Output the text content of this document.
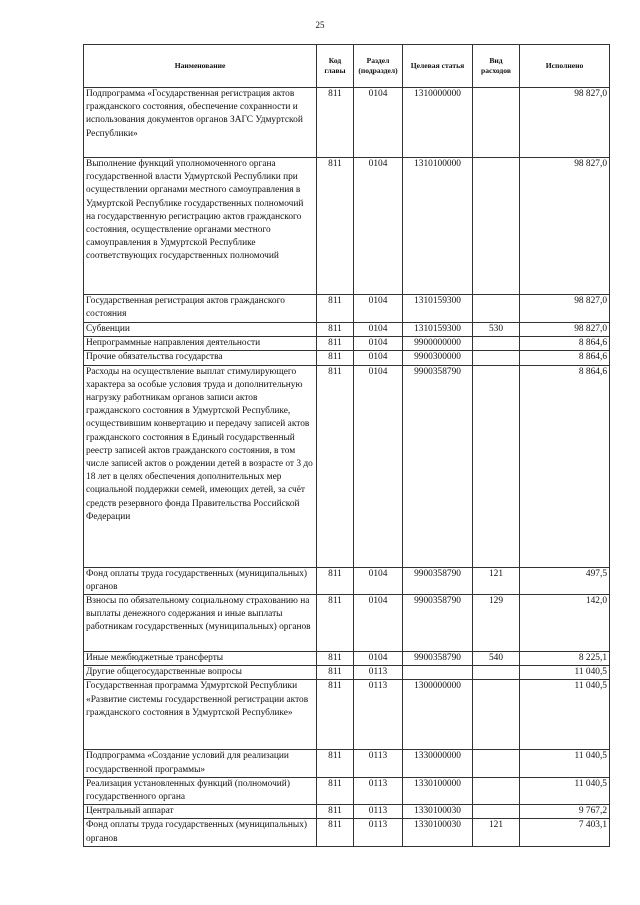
25
Наименование	Код главы	Раздел (подраздел)	Целевая статья	Вид расходов	Исполнено
Подпрограмма «Государственная регистрация актов гражданского состояния, обеспечение сохранности и использования документов органов ЗАГС Удмуртской Республики»	811	0104	1310000000		98 827,0
Выполнение функций уполномоченного органа государственной власти Удмуртской Республики при осуществлении органами местного самоуправления в Удмуртской Республике государственных полномочий на государственную регистрацию актов гражданского состояния, осуществление органами местного самоуправления в Удмуртской Республике соответствующих государственных полномочий	811	0104	1310100000		98 827,0
Государственная регистрация актов гражданского состояния	811	0104	1310159300		98 827,0
Субвенции	811	0104	1310159300	530	98 827,0
Непрограммные направления деятельности	811	0104	9900000000		8 864,6
Прочие обязательства государства	811	0104	9900300000		8 864,6
Расходы на осуществление выплат стимулирующего характера за особые условия труда и дополнительную нагрузку работникам органов записи актов гражданского состояния в Удмуртской Республике, осуществившим конвертацию и передачу записей актов гражданского состояния в Единый государственный реестр записей актов гражданского состояния, в том числе записей актов о рождении детей в возрасте от 3 до 18 лет в целях обеспечения дополнительных мер социальной поддержки семей, имеющих детей, за счёт средств резервного фонда Правительства Российской Федерации	811	0104	9900358790		8 864,6
Фонд оплаты труда государственных (муниципальных) органов	811	0104	9900358790	121	497,5
Взносы по обязательному социальному страхованию на выплаты денежного содержания и иные выплаты работникам государственных (муниципальных) органов	811	0104	9900358790	129	142,0
Иные межбюджетные трансферты	811	0104	9900358790	540	8 225,1
Другие общегосударственные вопросы	811	0113			11 040,5
Государственная программа Удмуртской Республики «Развитие системы государственной регистрации актов гражданского состояния в Удмуртской Республике»	811	0113	1300000000		11 040,5
Подпрограмма «Создание условий для реализации государственной программы»	811	0113	1330000000		11 040,5
Реализация установленных функций (полномочий) государственного органа	811	0113	1330100000		11 040,5
Центральный аппарат	811	0113	1330100030		9 767,2
Фонд оплаты труда государственных (муниципальных) органов	811	0113	1330100030	121	7 403,1
